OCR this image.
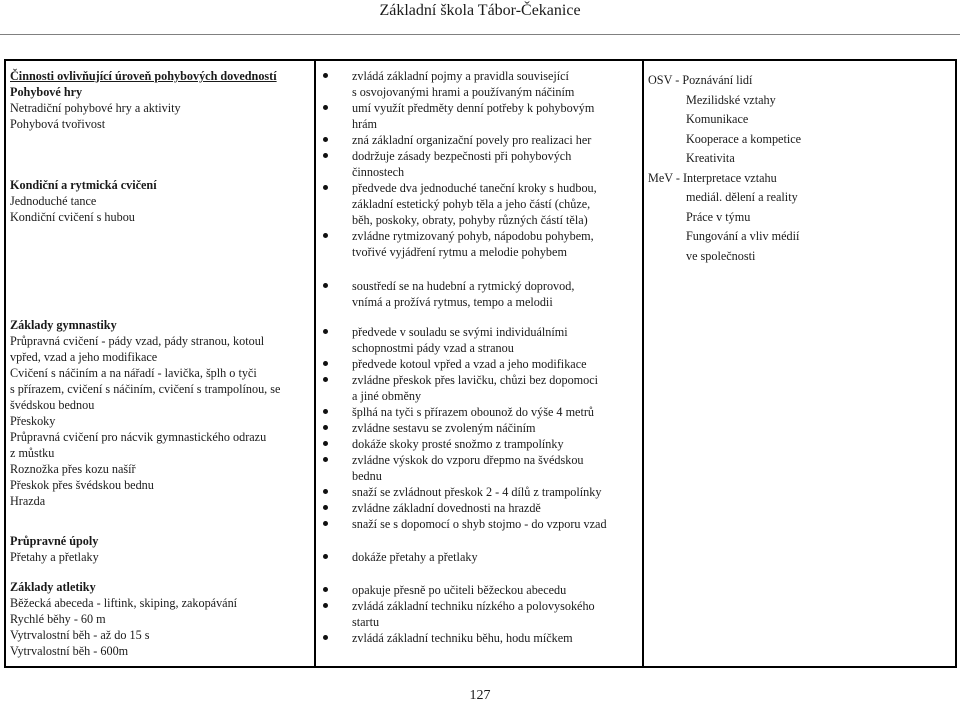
Základní škola Tábor-Čekanice
Činnosti ovlivňující úroveň pohybových dovedností
Pohybové hry
Netradiční pohybové hry a aktivity
Pohybová tvořivost
Kondiční a rytmická cvičení
Jednoduché tance
Kondiční cvičení s hubou
Základy gymnastiky
Průpravná cvičení - pády vzad, pády stranou, kotoul
vpřed, vzad a jeho modifikace
Cvičení s náčiním a na nářadí - lavička, šplh o tyči
s přírazem, cvičení s náčiním, cvičení s trampolínou, se
švédskou bednou
Přeskoky
Průpravná cvičení pro nácvik gymnastického odrazu
z můstku
Roznožka přes kozu našíř
Přeskok přes švédskou bednu
Hrazda
Průpravné úpoly
Přetahy a přetlaky
Základy atletiky
Běžecká abeceda - liftink, skiping, zakopávání
Rychlé běhy - 60 m
Vytrvalostní běh - až do 15 s
Vytrvalostní běh - 600m
zvládá základní pojmy a pravidla související
s osvojovanými hrami a používaným náčiním
umí využít předměty denní potřeby k pohybovým
hrám
zná základní organizační povely pro realizaci her
dodržuje zásady bezpečnosti při pohybových
činnostech
předvede dva jednoduché taneční kroky s hudbou,
základní estetický pohyb těla a jeho částí (chůze,
běh, poskoky, obraty, pohyby různých částí těla)
zvládne rytmizovaný pohyb, nápodobu pohybem,
tvořivé vyjádření rytmu a melodie pohybem
soustředí se na hudební a rytmický doprovod,
vnímá a prožívá rytmus, tempo a melodii
předvede v souladu se svými individuálními
schopnostmi pády vzad a stranou
předvede kotoul vpřed a vzad a jeho modifikace
zvládne přeskok přes lavičku, chůzi bez dopomoci
a jiné obměny
šplhá na tyči s přírazem obounož do výše 4 metrů
zvládne sestavu se zvoleným náčiním
dokáže skoky prosté snožmo z trampolínky
zvládne výskok do vzporu dřepmo na švédskou
bednu
snaží se zvládnout přeskok 2 - 4 dílů z trampolínky
zvládne základní dovednosti na hrazdě
snaží se s dopomocí o shyb stojmo - do vzporu vzad
dokáže přetahy a přetlaky
opakuje přesně po učiteli běžeckou abecedu
zvládá základní techniku nízkého a polovysokého
startu
zvládá základní techniku běhu, hodu míčkem
OSV - Poznávání lidí
Mezilidské vztahy
Komunikace
Kooperace a kompetice
Kreativita
MeV - Interpretace vztahu
mediál. dělení a reality
Práce v týmu
Fungování a vliv médií
ve společnosti
127
